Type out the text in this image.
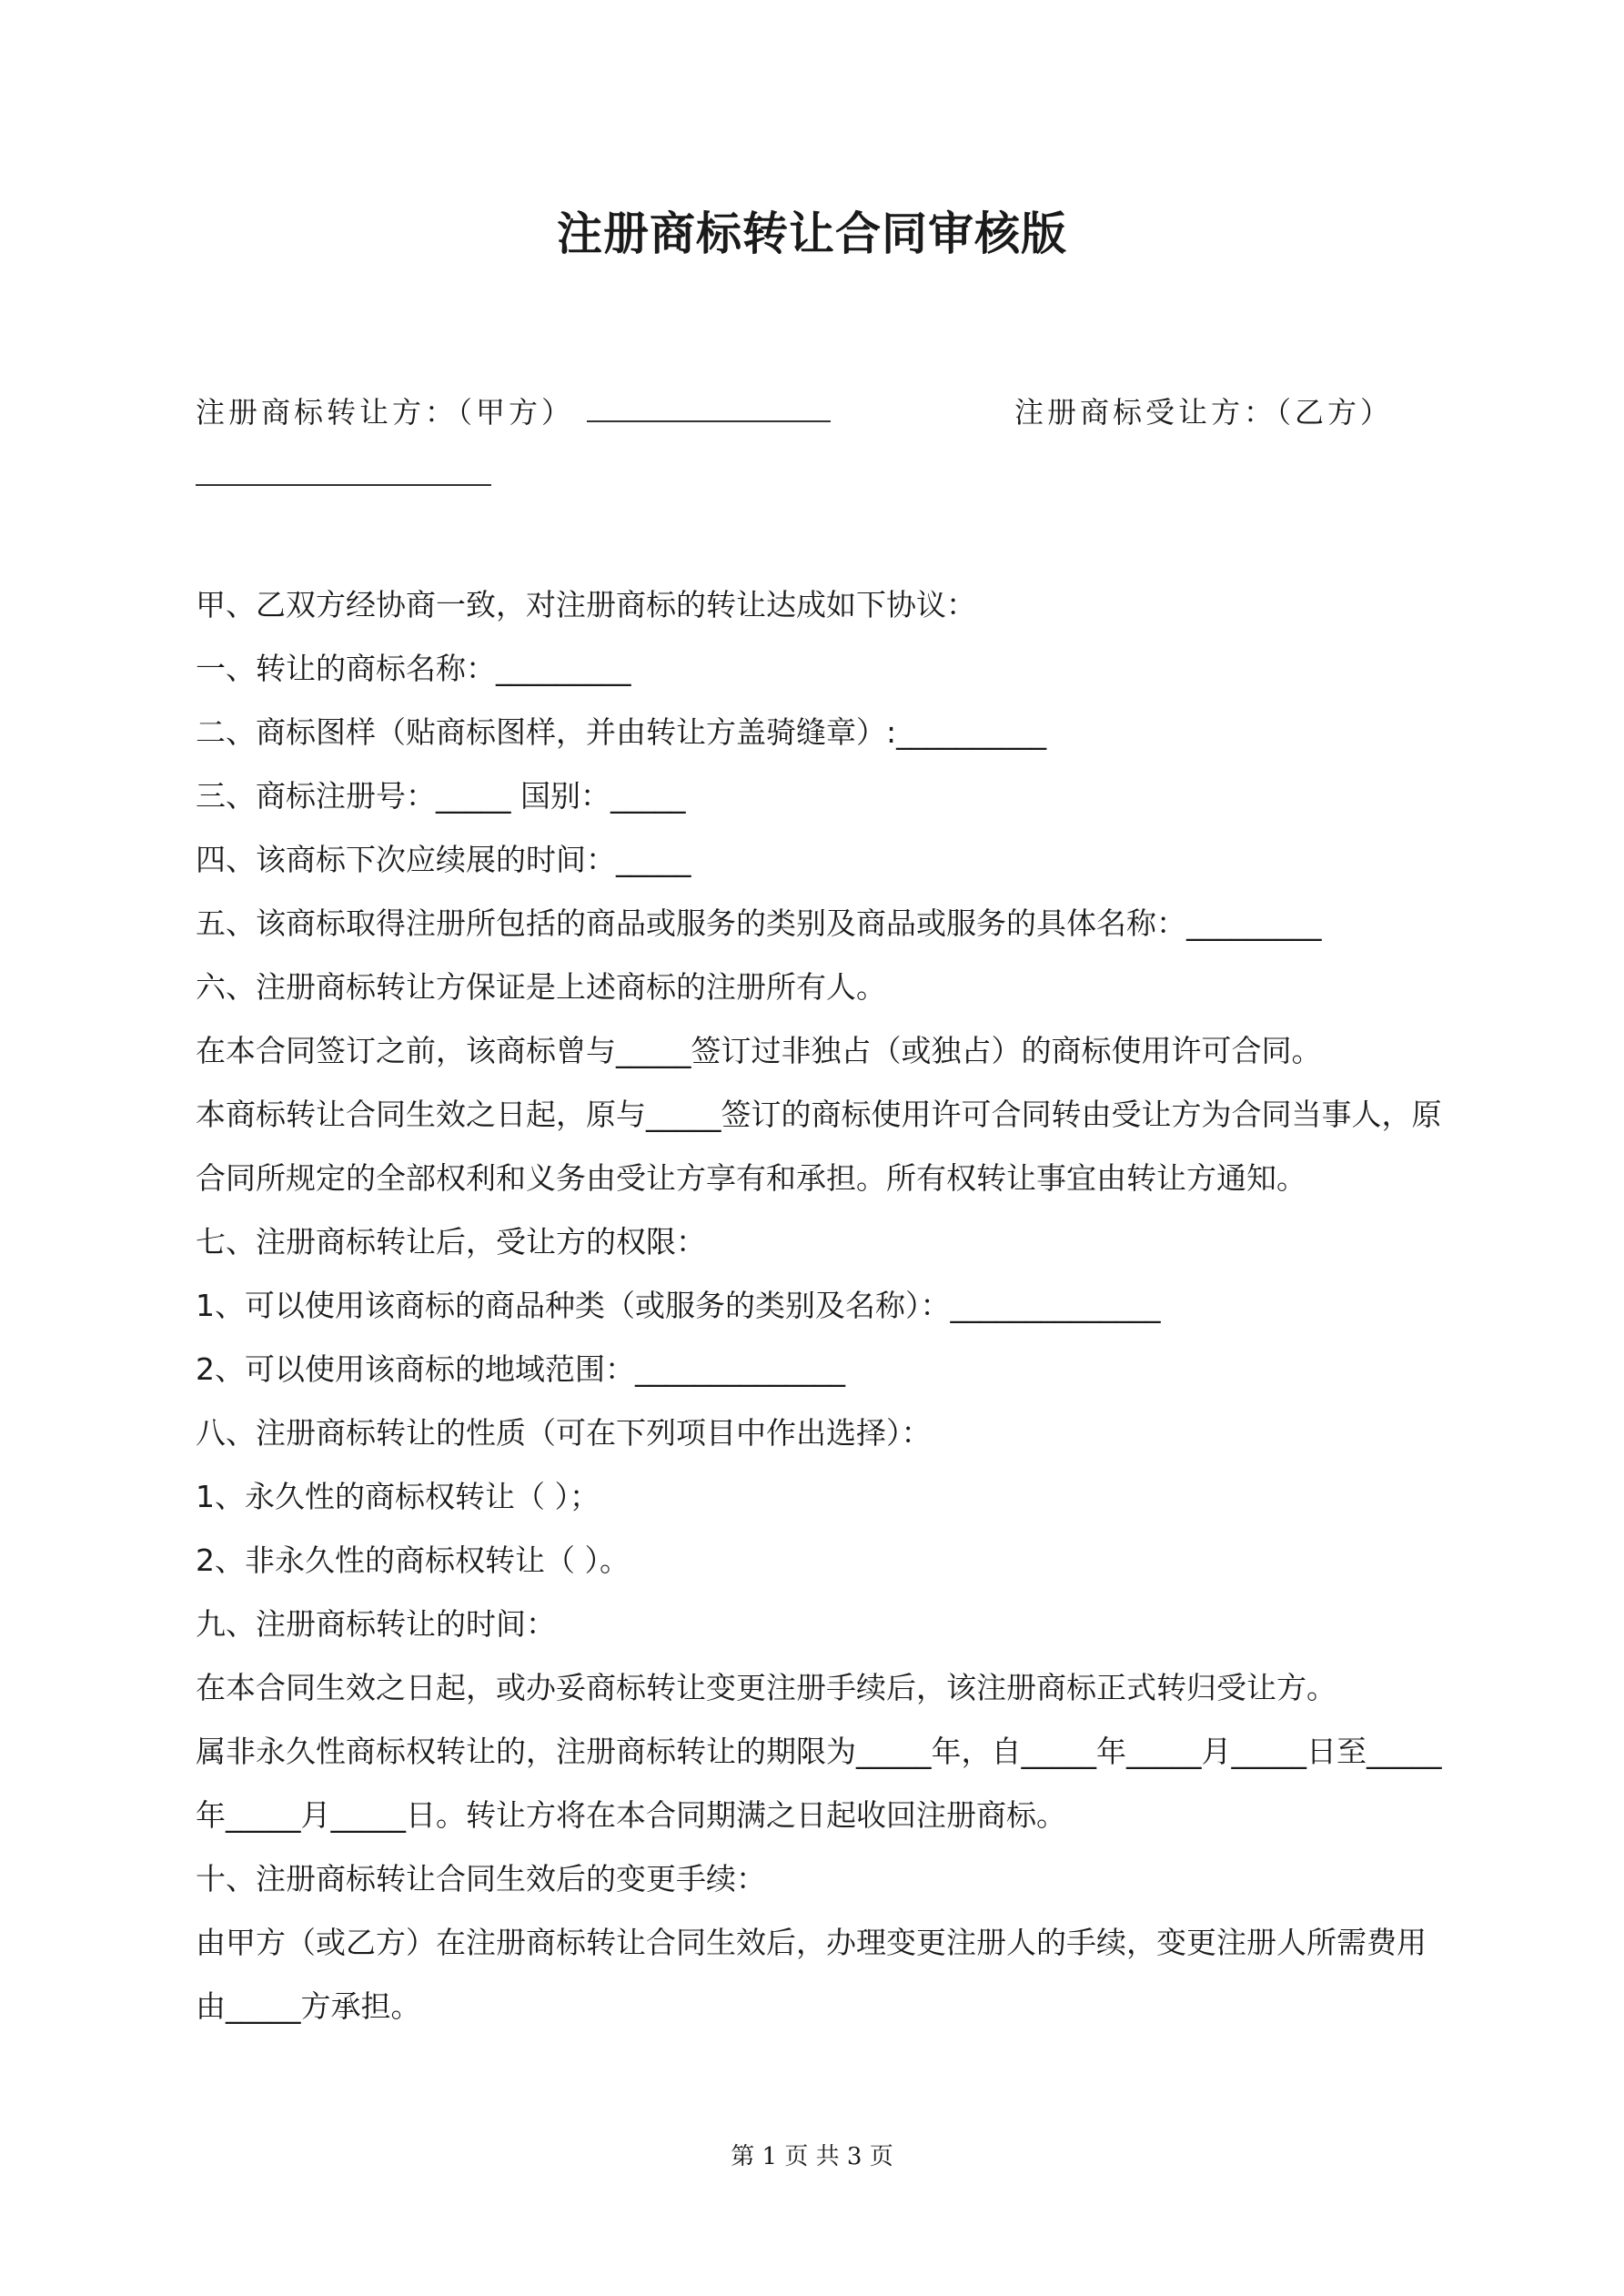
注册商标转让合同审核版
注册商标转让方：（甲方）	注册商标受让方：（乙方）

甲、乙双方经协商一致，对注册商标的转让达成如下协议：

一、转让的商标名称：_________

二、商标图样（贴商标图样，并由转让方盖骑缝章）:__________

三、商标注册号：_____ 国别：_____

四、该商标下次应续展的时间：_____

五、该商标取得注册所包括的商品或服务的类别及商品或服务的具体名称：_________

六、注册商标转让方保证是上述商标的注册所有人。

在本合同签订之前，该商标曾与_____签订过非独占（或独占）的商标使用许可合同。

本商标转让合同生效之日起，原与_____签订的商标使用许可合同转由受让方为合同当事人，原合同所规定的全部权利和义务由受让方享有和承担。所有权转让事宜由转让方通知。

七、注册商标转让后，受让方的权限：

1、可以使用该商标的商品种类（或服务的类别及名称）：______________

2、可以使用该商标的地域范围：______________

八、注册商标转让的性质（可在下列项目中作出选择）：

1、永久性的商标权转让（ ）；

2、非永久性的商标权转让（ ）。

九、注册商标转让的时间：

在本合同生效之日起，或办妥商标转让变更注册手续后，该注册商标正式转归受让方。

属非永久性商标权转让的，注册商标转让的期限为_____年，自_____年_____月_____日至_____年_____月_____日。转让方将在本合同期满之日起收回注册商标。

十、注册商标转让合同生效后的变更手续：

由甲方（或乙方）在注册商标转让合同生效后，办理变更注册人的手续，变更注册人所需费用由_____方承担。

第 1 页 共 3 页
